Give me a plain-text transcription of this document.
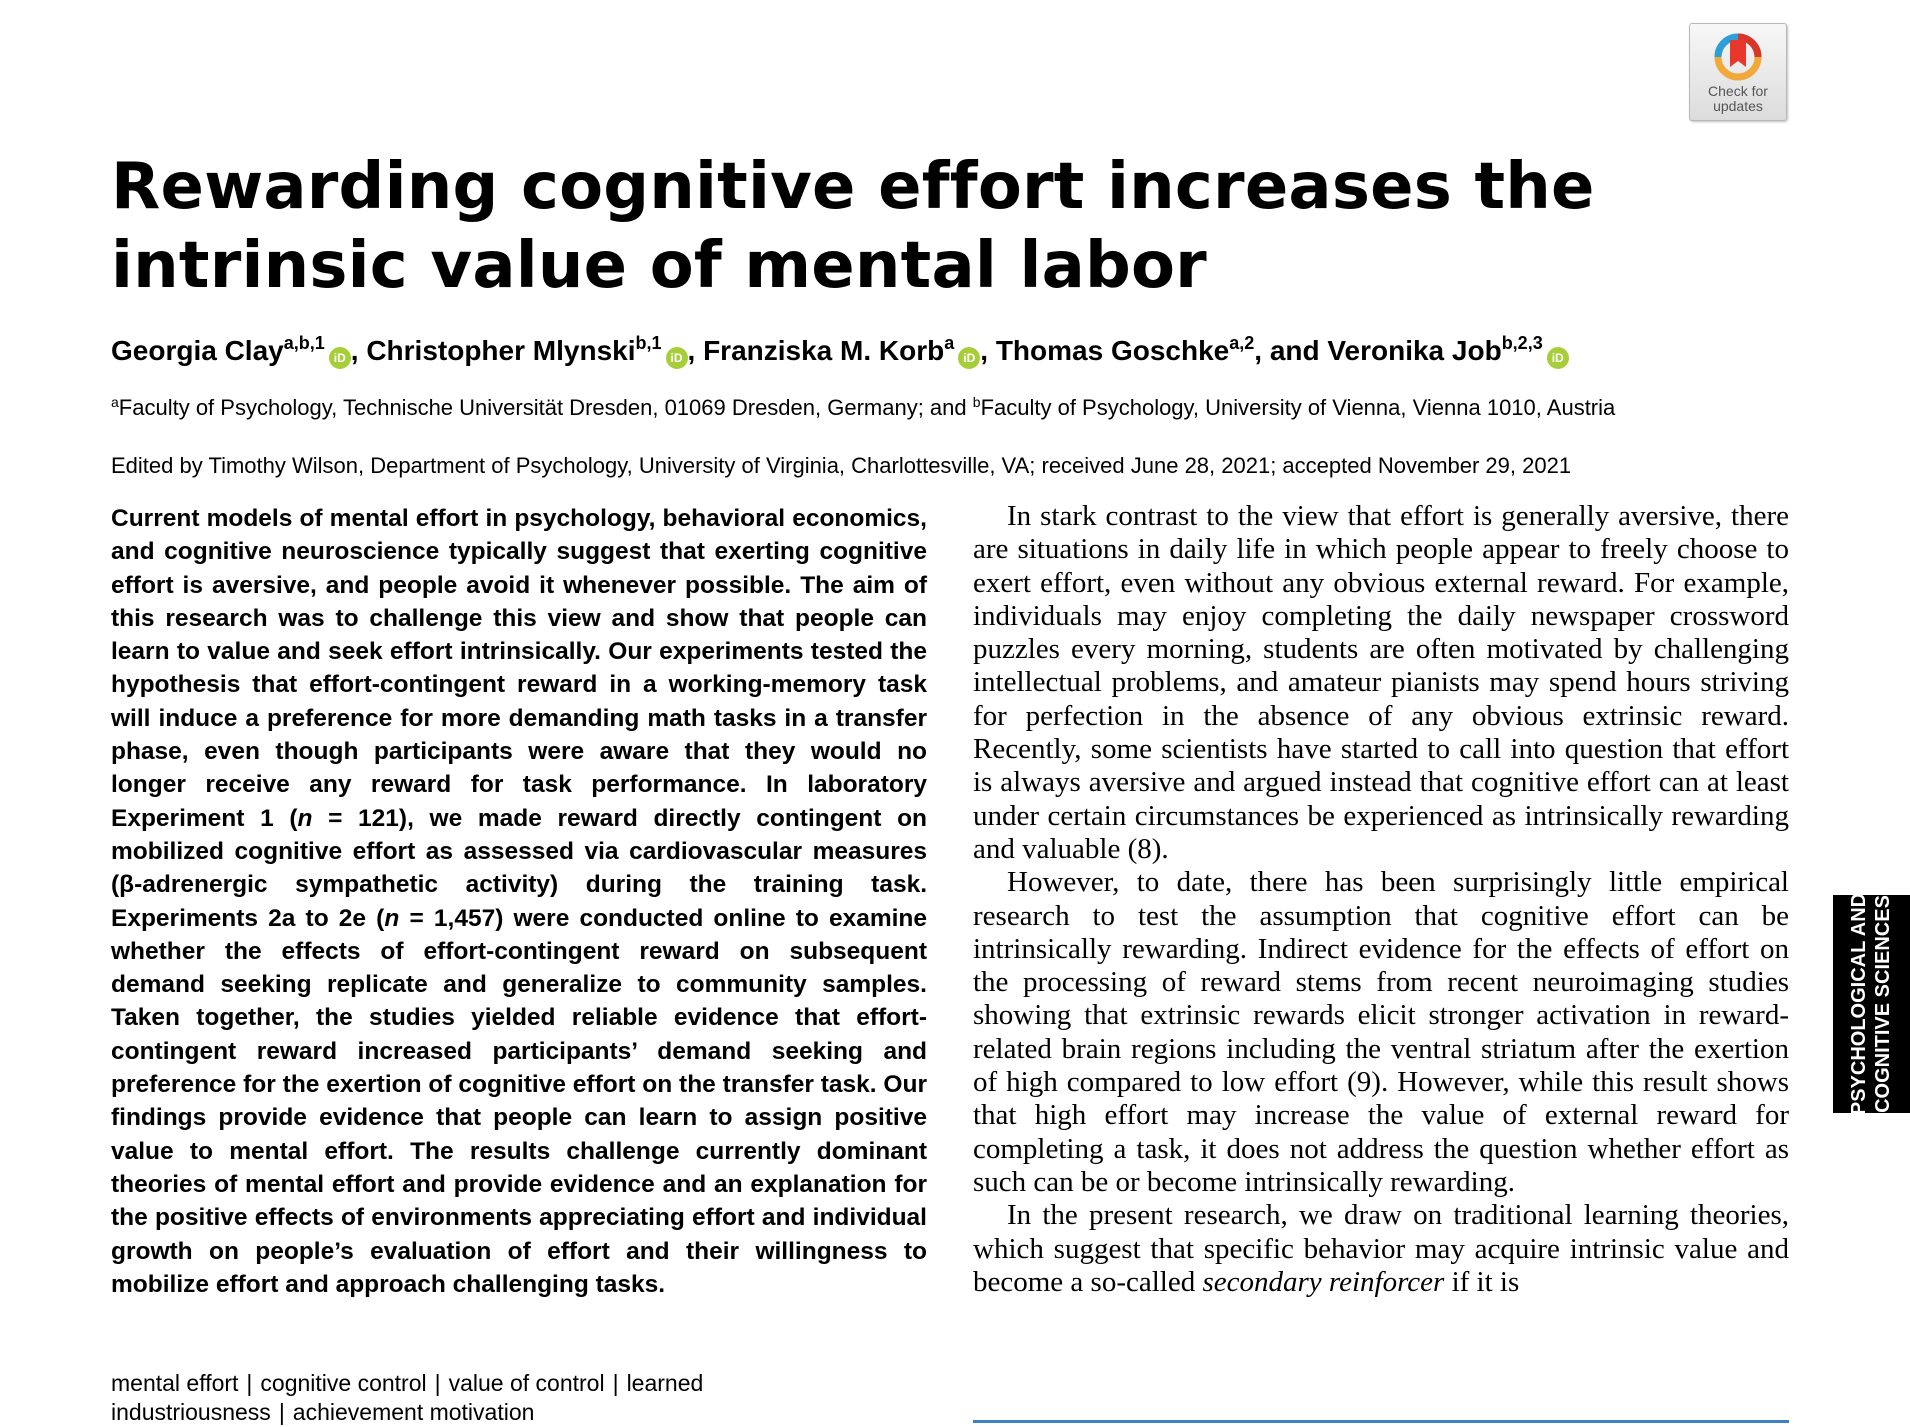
Check for
updates
Rewarding cognitive effort increases the intrinsic value of mental labor
Georgia Clay$^{a,b,1}$iD , Christopher Mlynski$^{b,1}$iD , Franziska M. Korb$^a$iD , Thomas Goschke$^{a,2}$, and Veronika Job$^{b,2,3}$iD
$^a$Faculty of Psychology, Technische Universität Dresden, 01069 Dresden, Germany; and $^b$Faculty of Psychology, University of Vienna, Vienna 1010, Austria
Edited by Timothy Wilson, Department of Psychology, University of Virginia, Charlottesville, VA; received June 28, 2021; accepted November 29, 2021

Current models of mental effort in psychology, behavioral economics, and cognitive neuroscience typically suggest that exerting cognitive effort is aversive, and people avoid it whenever possible. The aim of this research was to challenge this view and show that people can learn to value and seek effort intrinsically. Our experiments tested the hypothesis that effort-contingent reward in a working-memory task will induce a preference for more demanding math tasks in a transfer phase, even though participants were aware that they would no longer receive any reward for task performance. In laboratory Experiment 1 (n = 121), we made reward directly contingent on mobilized cognitive effort as assessed via cardiovascular measures (β-adrenergic sympathetic activity) during the training task. Experiments 2a to 2e (n = 1,457) were conducted online to examine whether the effects of effort-contingent reward on subsequent demand seeking replicate and generalize to community samples. Taken together, the studies yielded reliable evidence that effort-contingent reward increased participants’ demand seeking and preference for the exertion of cognitive effort on the transfer task. Our findings provide evidence that people can learn to assign positive value to mental effort. The results challenge currently dominant theories of mental effort and provide evidence and an explanation for the positive effects of environments appreciating effort and individual growth on people’s evaluation of effort and their willingness to mobilize effort and approach challenging tasks.

mental effort | cognitive control | value of control | learned industriousness | achievement motivation

In stark contrast to the view that effort is generally aversive, there are situations in daily life in which people appear to freely choose to exert effort, even without any obvious external reward. For example, individuals may enjoy completing the daily newspaper crossword puzzles every morning, students are often motivated by challenging intellectual problems, and amateur pianists may spend hours striving for perfection in the absence of any obvious extrinsic reward. Recently, some scientists have started to call into question that effort is always aversive and argued instead that cognitive effort can at least under certain circumstances be experienced as intrinsically rewarding and valuable (8).

However, to date, there has been surprisingly little empirical research to test the assumption that cognitive effort can be intrinsically rewarding. Indirect evidence for the effects of effort on the processing of reward stems from recent neuroimaging studies showing that extrinsic rewards elicit stronger activation in reward-related brain regions including the ventral striatum after the exertion of high compared to low effort (9). However, while this result shows that high effort may increase the value of external reward for completing a task, it does not address the question whether effort as such can be or become intrinsically rewarding.

In the present research, we draw on traditional learning theories, which suggest that specific behavior may acquire intrinsic value and become a so-called secondary reinforcer if it is

PSYCHOLOGICAL AND COGNITIVE SCIENCES
